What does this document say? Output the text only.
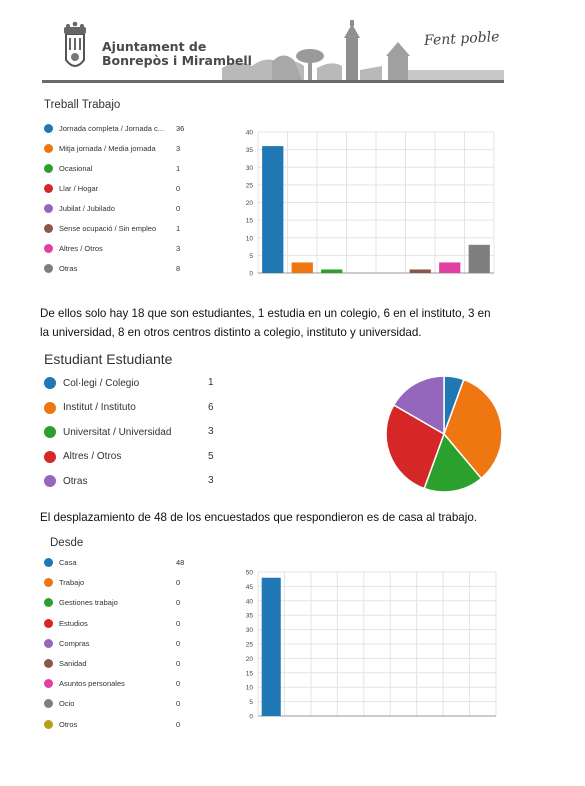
Ajuntament de
Bonrepòs i Mirambell
Fent poble
Treball Trabajo
Jornada completa / Jornada c... 36
Mitja jornada / Media jornada	3
Ocasional	1
Llar / Hogar	0
Jubilat / Jubilado	0
Sense ocupació / Sin empleo	1
Altres / Otros	3
Otras	8
0
5
10
15
20
25
30
35
40
De ellos solo hay 18 que son estudiantes, 1 estudia en un colegio, 6 en el instituto, 3 en
la universidad, 8 en otros centros distinto a colegio, instituto y universidad.
Estudiant Estudiante
Col·legi / Colegio	1
Institut / Instituto	6
Universitat / Universidad	3
Altres / Otros	5
Otras	3
El desplazamiento de 48 de los encuestados que respondieron es de casa al trabajo.
Desde
Casa	48
Trabajo	0
Gestiones trabajo	0
Estudios	0
Compras	0
Sanidad	0
Asuntos personales	0
Ocio	0
Otros	0
0
5
10
15
20
25
30
35
40
45
50
